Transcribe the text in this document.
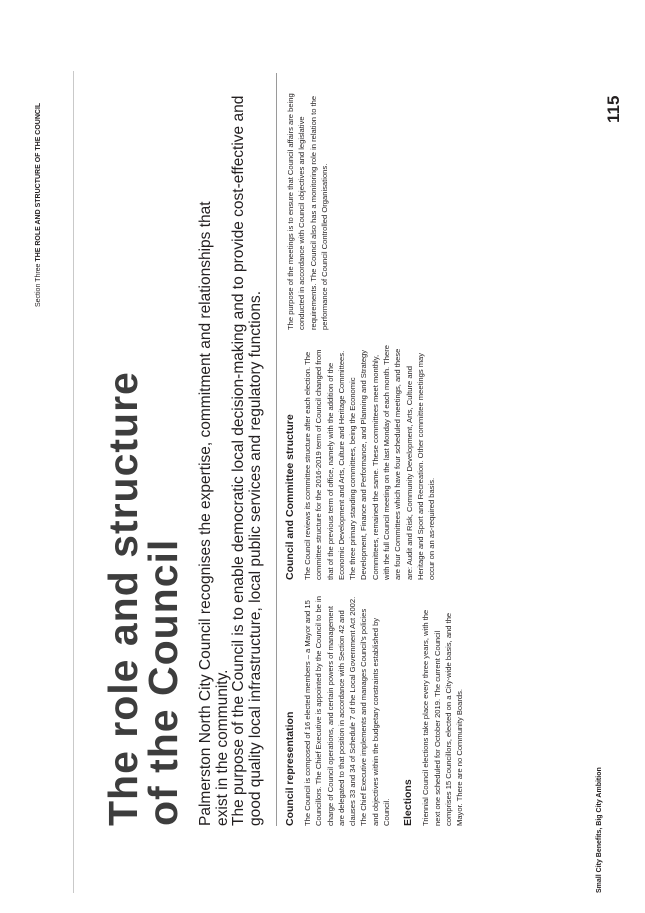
Section Three THE ROLE AND STRUCTURE OF THE COUNCIL
The role and structure
of the Council Palmerston North City Council recognises the expertise, commitment and relationships that exist in the community. The purpose of the Council is to enable democratic local decision-making and to provide cost-effective and good quality local infrastructure, local public services and regulatory functions. Council representation The Council is composed of 16 elected members – a Mayor and 15 Councillors. The Chief Executive is appointed by the Council to be in charge of Council operations, and certain powers of management are delegated to that position in accordance with Section 42 and clauses 33 and 34 of Schedule 7 of the Local Government Act 2002. The Chief Executive implements and manages Council's policies and objectives within the budgetary constraints established by Council. Elections Triennial Council elections take place every three years, with the next one scheduled for October 2019. The current Council comprises 15 Councillors, elected on a City-wide basis, and the Mayor. There are no Community Boards.

Council and Committee structure The Council reviews its committee structure after each election. The committee structure for the 2016-2019 term of Council changed from that of the previous term of office, namely with the addition of the Economic Development and Arts, Culture and Heritage Committees. The three primary standing committees, being the Economic Development, Finance and Performance, and Planning and Strategy Committees, remained the same. These committees meet monthly, with the full Council meeting on the last Monday of each month. There are four Committees which have four scheduled meetings, and these are: Audit and Risk, Community Development, Arts, Culture and Heritage and Sport and Recreation. Other committee meetings may occur on an as-required basis.

The purpose of the meetings is to ensure that Council affairs are being conducted in accordance with Council objectives and legislative requirements. The Council also has a monitoring role in relation to the performance of Council Controlled Organisations.

Small City Benefits, Big City Ambition
115
